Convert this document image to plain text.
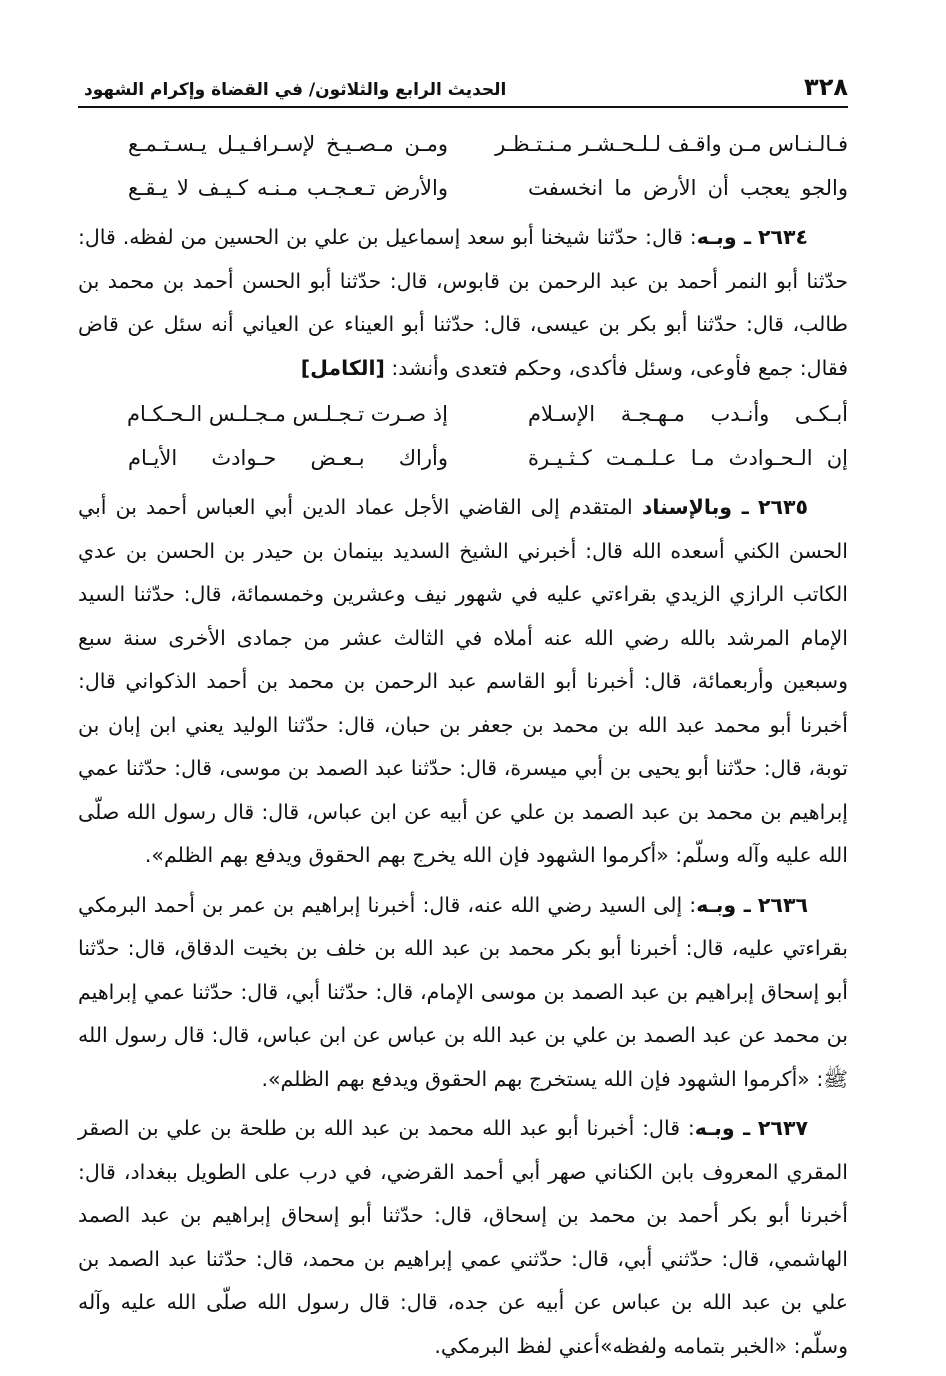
٣٢٨
الحديث الرابع والثلاثون/ في القضاة وإكرام الشهود
فـالـنـاس مـن واقـف لـلـحـشـر مـنـتـظـر
ومـن مـصـيـخ لإسـرافـيـل يـسـتـمـع
والجو يعجب أن الأرض ما انخسفت
والأرض تـعـجـب مـنـه كـيـف لا يـقـع

٢٦٣٤ ـ وبـه: قال: حدّثنا شيخنا أبو سعد إسماعيل بن علي بن الحسين من لفظه. قال: حدّثنا أبو النمر أحمد بن عبد الرحمن بن قابوس، قال: حدّثنا أبو الحسن أحمد بن محمد بن طالب، قال: حدّثنا أبو بكر بن عيسى، قال: حدّثنا أبو العيناء عن العياني أنه سئل عن قاض فقال: جمع فأوعى، وسئل فأكدى، وحكم فتعدى وأنشد: [الكامل]

أبـكـى وأنـدب مـهـجـة الإسـلام
إذ صـرت تـجـلـس مـجـلـس الـحـكـام
إن الـحـوادث مـا عـلـمـت كـثـيـرة
وأراك بـعـض حـوادث الأيـام

٢٦٣٥ ـ وبالإسناد المتقدم إلى القاضي الأجل عماد الدين أبي العباس أحمد بن أبي الحسن الكني أسعده الله قال: أخبرني الشيخ السديد بينمان بن حيدر بن الحسن بن عدي الكاتب الرازي الزيدي بقراءتي عليه في شهور نيف وعشرين وخمسمائة، قال: حدّثنا السيد الإمام المرشد بالله رضي الله عنه أملاه في الثالث عشر من جمادى الأخرى سنة سبع وسبعين وأربعمائة، قال: أخبرنا أبو القاسم عبد الرحمن بن محمد بن أحمد الذكواني قال: أخبرنا أبو محمد عبد الله بن محمد بن جعفر بن حبان، قال: حدّثنا الوليد يعني ابن إبان بن توبة، قال: حدّثنا أبو يحيى بن أبي ميسرة، قال: حدّثنا عبد الصمد بن موسى، قال: حدّثنا عمي إبراهيم بن محمد بن عبد الصمد بن علي عن أبيه عن ابن عباس، قال: قال رسول الله صلّى الله عليه وآله وسلّم: «أكرموا الشهود فإن الله يخرج بهم الحقوق ويدفع بهم الظلم».

٢٦٣٦ ـ وبـه: إلى السيد رضي الله عنه، قال: أخبرنا إبراهيم بن عمر بن أحمد البرمكي بقراءتي عليه، قال: أخبرنا أبو بكر محمد بن عبد الله بن خلف بن بخيت الدقاق، قال: حدّثنا أبو إسحاق إبراهيم بن عبد الصمد بن موسى الإمام، قال: حدّثنا أبي، قال: حدّثنا عمي إبراهيم بن محمد عن عبد الصمد بن علي بن عبد الله بن عباس عن ابن عباس، قال: قال رسول الله ﷺ: «أكرموا الشهود فإن الله يستخرج بهم الحقوق ويدفع بهم الظلم».

٢٦٣٧ ـ وبـه: قال: أخبرنا أبو عبد الله محمد بن عبد الله بن طلحة بن علي بن الصقر المقري المعروف بابن الكناني صهر أبي أحمد القرضي، في درب على الطويل ببغداد، قال: أخبرنا أبو بكر أحمد بن محمد بن إسحاق، قال: حدّثنا أبو إسحاق إبراهيم بن عبد الصمد الهاشمي، قال: حدّثني أبي، قال: حدّثني عمي إبراهيم بن محمد، قال: حدّثنا عبد الصمد بن علي بن عبد الله بن عباس عن أبيه عن جده، قال: قال رسول الله صلّى الله عليه وآله وسلّم: «الخبر بتمامه ولفظه»أعني لفظ البرمكي.
